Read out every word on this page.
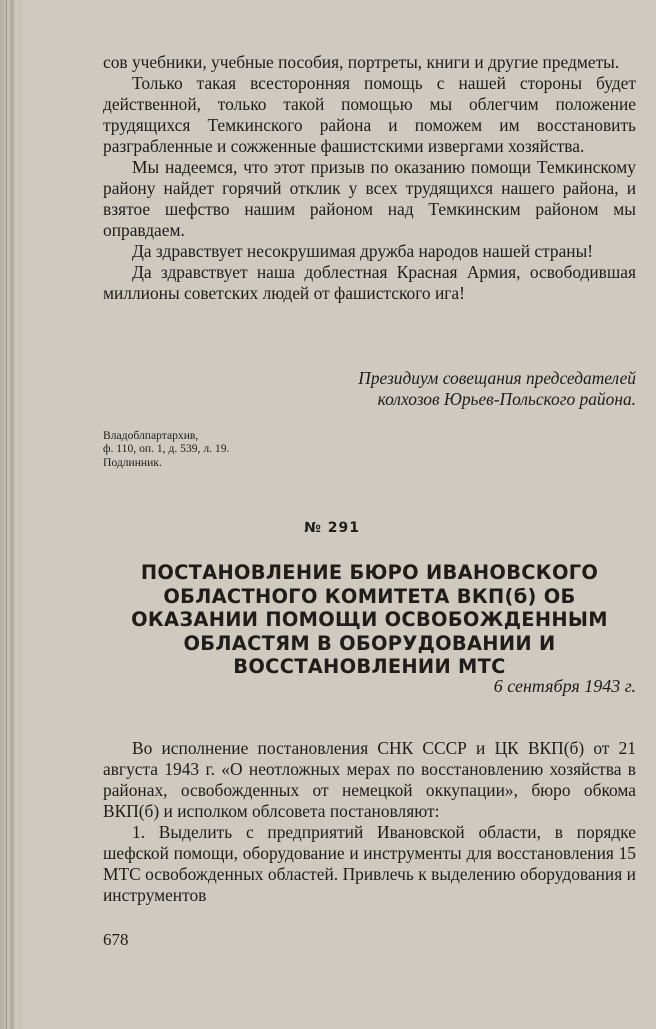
сов учебники, учебные пособия, портреты, книги и другие предметы.

Только такая всесторонняя помощь с нашей стороны будет действенной, только такой помощью мы облегчим положение трудящихся Темкинского района и поможем им восстановить разграбленные и сожженные фашистскими извергами хозяйства.

Мы надеемся, что этот призыв по оказанию помощи Темкинскому району найдет горячий отклик у всех трудящихся нашего района, и взятое шефство нашим районом над Темкинским районом мы оправдаем.

Да здравствует несокрушимая дружба народов нашей страны!

Да здравствует наша доблестная Красная Армия, освободившая миллионы советских людей от фашистского ига!

Президиум совещания председателей
колхозов Юрьев-Польского района.
Владоблпартархив,
ф. 110, оп. 1, д. 539, л. 19.
Подлинник.
№ 291
ПОСТАНОВЛЕНИЕ БЮРО ИВАНОВСКОГО ОБЛАСТНОГО КОМИТЕТА ВКП(б) ОБ ОКАЗАНИИ ПОМОЩИ ОСВОБОЖДЕННЫМ ОБЛАСТЯМ В ОБОРУДОВАНИИ И ВОССТАНОВЛЕНИИ МТС
6 сентября 1943 г.

Во исполнение постановления СНК СССР и ЦК ВКП(б) от 21 августа 1943 г. «О неотложных мерах по восстановлению хозяйства в районах, освобожденных от немецкой оккупации», бюро обкома ВКП(б) и исполком облсовета постановляют:

1. Выделить с предприятий Ивановской области, в порядке шефской помощи, оборудование и инструменты для восстановления 15 МТС освобожденных областей. Привлечь к выделению оборудования и инструментов

678
